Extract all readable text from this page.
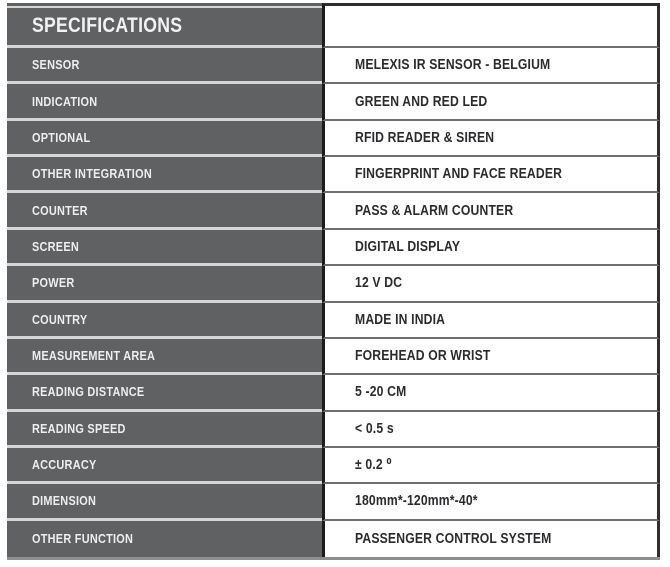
SPECIFICATIONS
SENSOR	MELEXIS IR SENSOR - BELGIUM
INDICATION	GREEN AND RED LED
OPTIONAL	RFID READER & SIREN
OTHER INTEGRATION	FINGERPRINT AND FACE READER
COUNTER	PASS & ALARM COUNTER
SCREEN	DIGITAL DISPLAY
POWER	12 V DC
COUNTRY	MADE IN INDIA
MEASUREMENT AREA	FOREHEAD OR WRIST
READING DISTANCE	5 -20 CM
READING SPEED	< 0.5 s
ACCURACY	± 0.2 ⁰
DIMENSION	180mm*-120mm*-40*
OTHER FUNCTION	PASSENGER CONTROL SYSTEM
